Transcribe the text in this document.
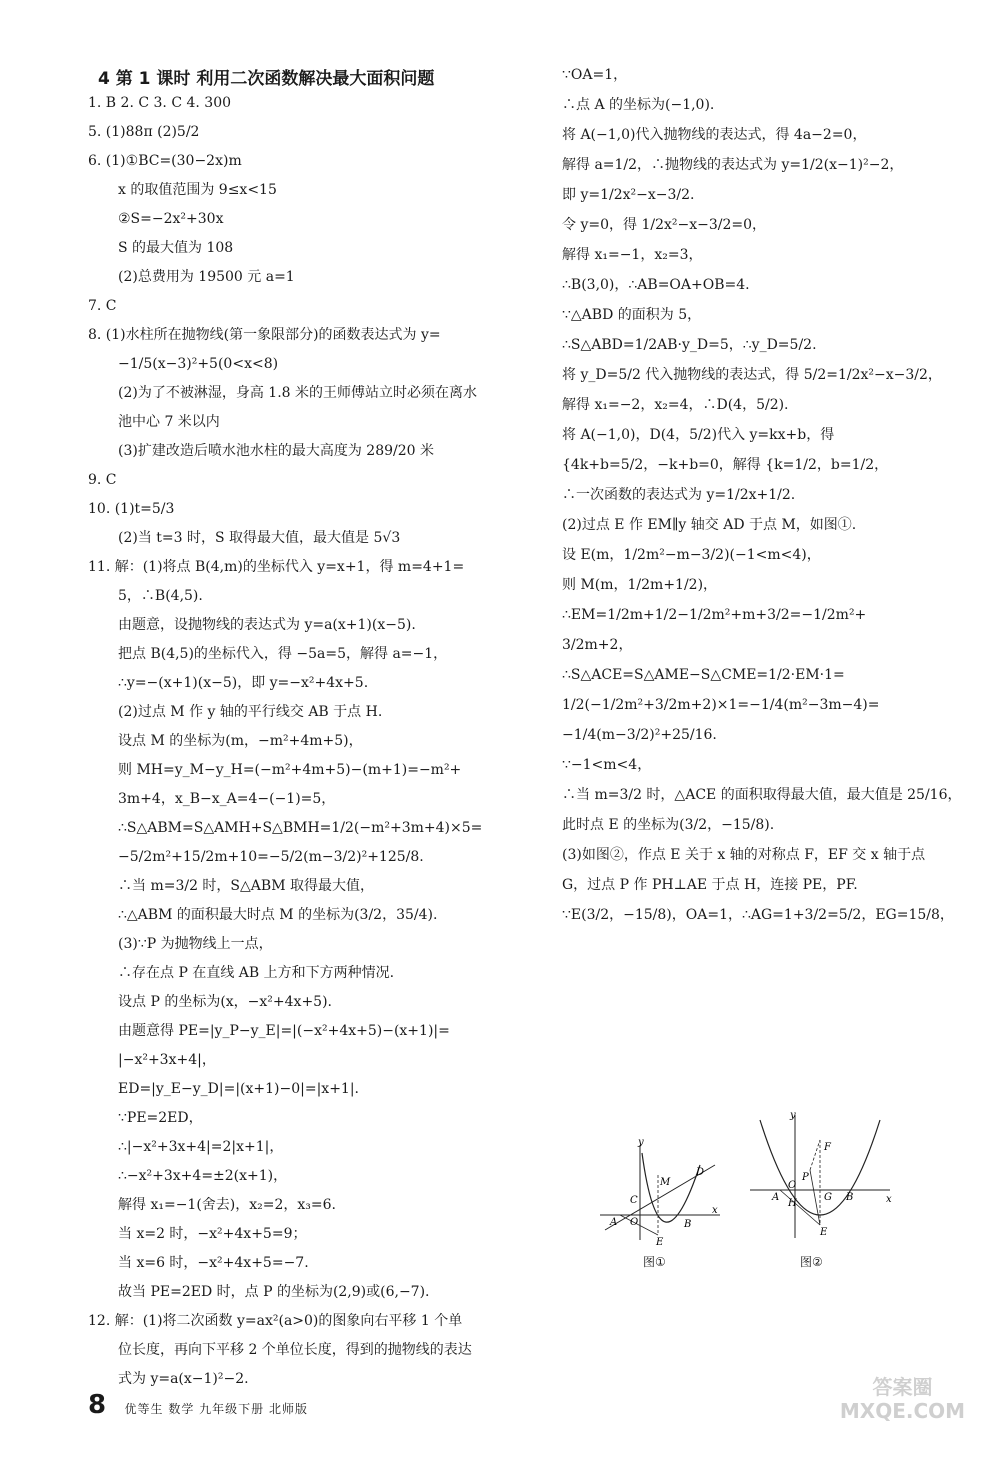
4 第 1 课时 利用二次函数解决最大面积问题
1. B 2. C 3. C 4. 300
5. (1)88π (2)5/2
6. (1)①BC=(30−2x)m
x 的取值范围为 9≤x<15
②S=−2x²+30x
S 的最大值为 108
(2)总费用为 19500 元 a=1
7. C
8. (1)水柱所在抛物线(第一象限部分)的函数表达式为 y=
−1/5(x−3)²+5(0<x<8)
(2)为了不被淋湿，身高 1.8 米的王师傅站立时必须在离水
池中心 7 米以内
(3)扩建改造后喷水池水柱的最大高度为 289/20 米
9. C
10. (1)t=5/3
(2)当 t=3 时，S 取得最大值，最大值是 5√3
11. 解：(1)将点 B(4,m)的坐标代入 y=x+1，得 m=4+1=
5，∴B(4,5).
由题意，设抛物线的表达式为 y=a(x+1)(x−5).
把点 B(4,5)的坐标代入，得 −5a=5，解得 a=−1，
∴y=−(x+1)(x−5)，即 y=−x²+4x+5.
(2)过点 M 作 y 轴的平行线交 AB 于点 H.
设点 M 的坐标为(m，−m²+4m+5)，
则 MH=y_M−y_H=(−m²+4m+5)−(m+1)=−m²+
3m+4，x_B−x_A=4−(−1)=5，
∴S△ABM=S△AMH+S△BMH=1/2(−m²+3m+4)×5=
−5/2m²+15/2m+10=−5/2(m−3/2)²+125/8.
∴当 m=3/2 时，S△ABM 取得最大值，
∴△ABM 的面积最大时点 M 的坐标为(3/2，35/4).
(3)∵P 为抛物线上一点，
∴存在点 P 在直线 AB 上方和下方两种情况.
设点 P 的坐标为(x，−x²+4x+5).
由题意得 PE=|y_P−y_E|=|(−x²+4x+5)−(x+1)|=
|−x²+3x+4|，
ED=|y_E−y_D|=|(x+1)−0|=|x+1|.
∵PE=2ED，
∴|−x²+3x+4|=2|x+1|，
∴−x²+3x+4=±2(x+1)，
解得 x₁=−1(舍去)，x₂=2，x₃=6.
当 x=2 时，−x²+4x+5=9；
当 x=6 时，−x²+4x+5=−7.
故当 PE=2ED 时，点 P 的坐标为(2,9)或(6,−7).
12. 解：(1)将二次函数 y=ax²(a>0)的图象向右平移 1 个单
位长度，再向下平移 2 个单位长度，得到的抛物线的表达
式为 y=a(x−1)²−2.
∵OA=1，
∴点 A 的坐标为(−1,0).
将 A(−1,0)代入抛物线的表达式，得 4a−2=0，
解得 a=1/2，∴抛物线的表达式为 y=1/2(x−1)²−2，
即 y=1/2x²−x−3/2.
令 y=0，得 1/2x²−x−3/2=0，
解得 x₁=−1，x₂=3，
∴B(3,0)，∴AB=OA+OB=4.
∵△ABD 的面积为 5，
∴S△ABD=1/2AB·y_D=5，∴y_D=5/2.
将 y_D=5/2 代入抛物线的表达式，得 5/2=1/2x²−x−3/2，
解得 x₁=−2，x₂=4，∴D(4，5/2).
将 A(−1,0)，D(4，5/2)代入 y=kx+b，得
{4k+b=5/2，−k+b=0，解得 {k=1/2，b=1/2，
∴一次函数的表达式为 y=1/2x+1/2.
(2)过点 E 作 EM∥y 轴交 AD 于点 M，如图①.
设 E(m，1/2m²−m−3/2)(−1<m<4)，
则 M(m，1/2m+1/2)，
∴EM=1/2m+1/2−1/2m²+m+3/2=−1/2m²+
3/2m+2，
∴S△ACE=S△AME−S△CME=1/2·EM·1=
1/2(−1/2m²+3/2m+2)×1=−1/4(m²−3m−4)=
−1/4(m−3/2)²+25/16.
∵−1<m<4，
∴当 m=3/2 时，△ACE 的面积取得最大值，最大值是 25/16，
此时点 E 的坐标为(3/2，−15/8).
(3)如图②，作点 E 关于 x 轴的对称点 F，EF 交 x 轴于点
G，过点 P 作 PH⊥AE 于点 H，连接 PE，PF.
∵E(3/2，−15/8)，OA=1，∴AG=1+3/2=5/2，EG=15/8，
y
x
O
A	B
C
D
E
M
图①
y
x
O
A	B
P
G
H
E
F
图②
8 优等生 数学 九年级下册 北师版
答案圈 MXQE.COM
